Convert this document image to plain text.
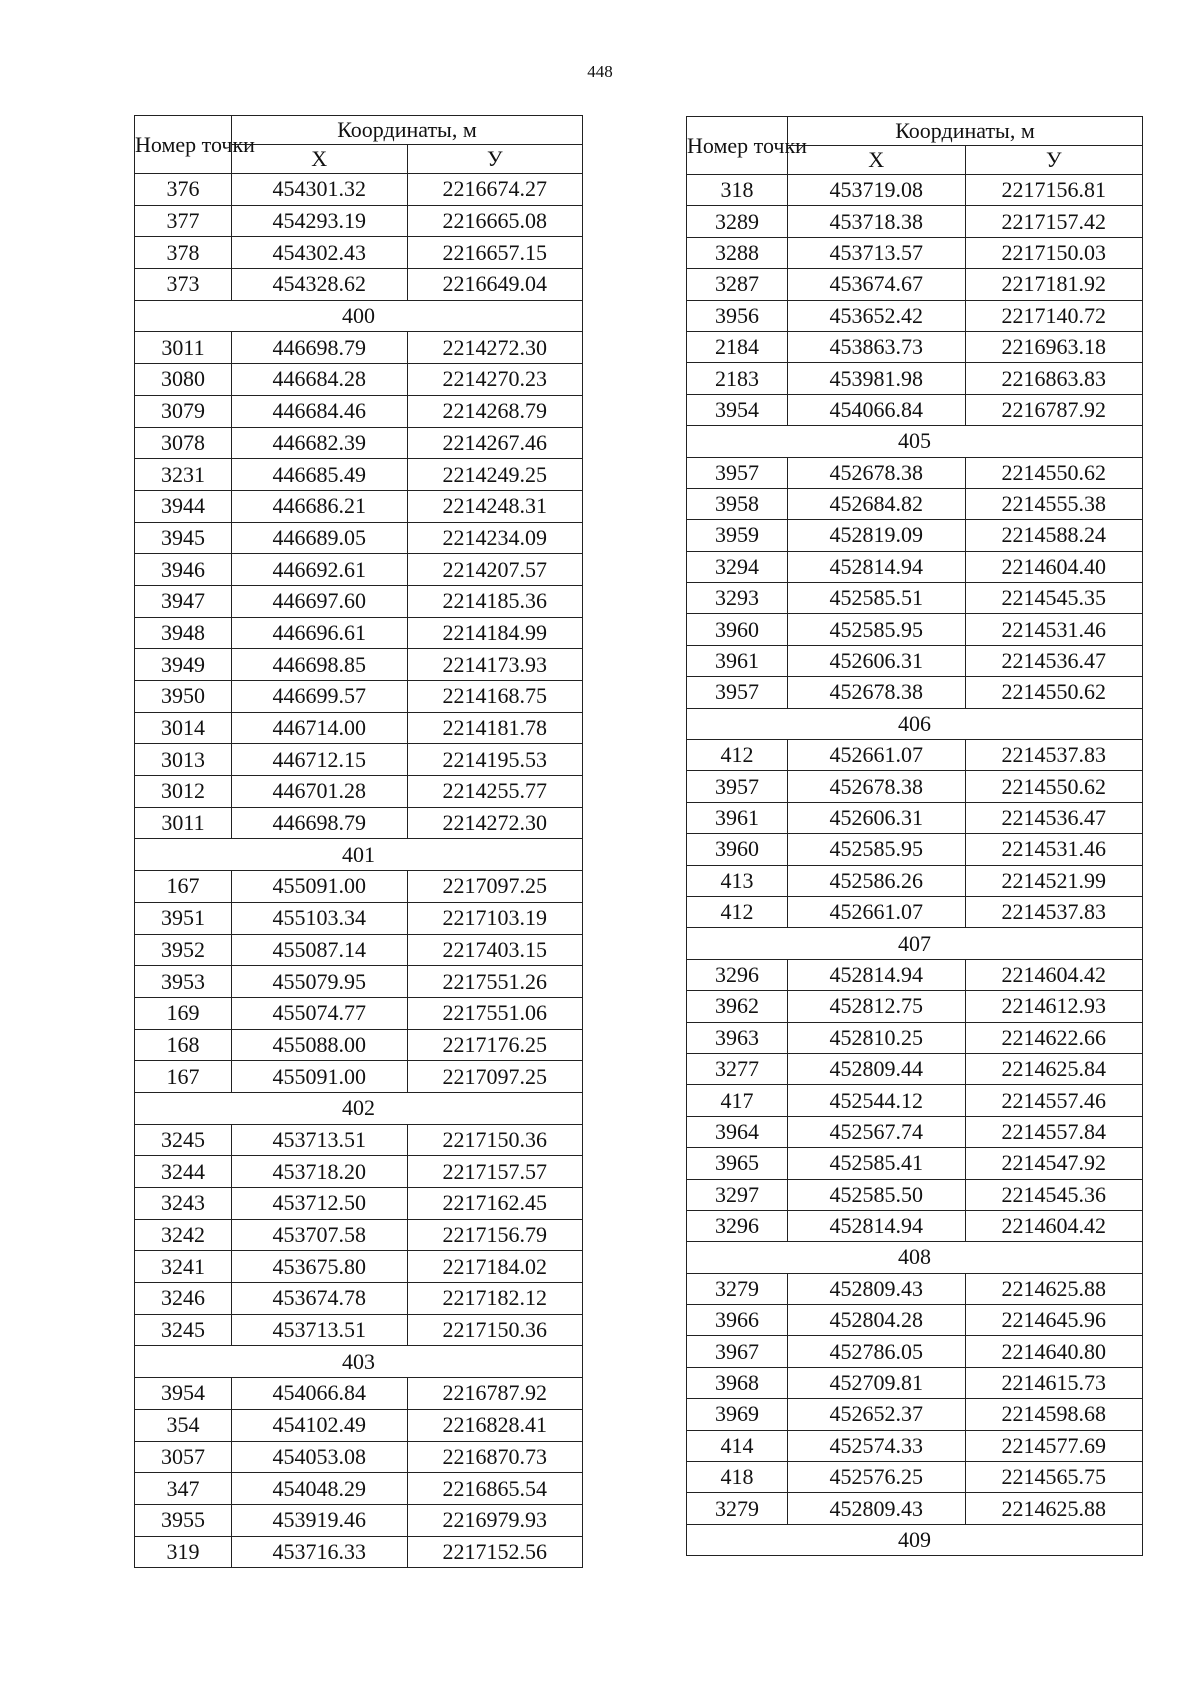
448
Номер точки	Координаты, м	
	Х	У
376	454301.32	2216674.27
377	454293.19	2216665.08
378	454302.43	2216657.15
373	454328.62	2216649.04
400		
3011	446698.79	2214272.30
3080	446684.28	2214270.23
3079	446684.46	2214268.79
3078	446682.39	2214267.46
3231	446685.49	2214249.25
3944	446686.21	2214248.31
3945	446689.05	2214234.09
3946	446692.61	2214207.57
3947	446697.60	2214185.36
3948	446696.61	2214184.99
3949	446698.85	2214173.93
3950	446699.57	2214168.75
3014	446714.00	2214181.78
3013	446712.15	2214195.53
3012	446701.28	2214255.77
3011	446698.79	2214272.30
401		
167	455091.00	2217097.25
3951	455103.34	2217103.19
3952	455087.14	2217403.15
3953	455079.95	2217551.26
169	455074.77	2217551.06
168	455088.00	2217176.25
167	455091.00	2217097.25
402		
3245	453713.51	2217150.36
3244	453718.20	2217157.57
3243	453712.50	2217162.45
3242	453707.58	2217156.79
3241	453675.80	2217184.02
3246	453674.78	2217182.12
3245	453713.51	2217150.36
403		
3954	454066.84	2216787.92
354	454102.49	2216828.41
3057	454053.08	2216870.73
347	454048.29	2216865.54
3955	453919.46	2216979.93
319	453716.33	2217152.56
Номер точки	Координаты, м	
	Х	У
318	453719.08	2217156.81
3289	453718.38	2217157.42
3288	453713.57	2217150.03
3287	453674.67	2217181.92
3956	453652.42	2217140.72
2184	453863.73	2216963.18
2183	453981.98	2216863.83
3954	454066.84	2216787.92
405		
3957	452678.38	2214550.62
3958	452684.82	2214555.38
3959	452819.09	2214588.24
3294	452814.94	2214604.40
3293	452585.51	2214545.35
3960	452585.95	2214531.46
3961	452606.31	2214536.47
3957	452678.38	2214550.62
406		
412	452661.07	2214537.83
3957	452678.38	2214550.62
3961	452606.31	2214536.47
3960	452585.95	2214531.46
413	452586.26	2214521.99
412	452661.07	2214537.83
407		
3296	452814.94	2214604.42
3962	452812.75	2214612.93
3963	452810.25	2214622.66
3277	452809.44	2214625.84
417	452544.12	2214557.46
3964	452567.74	2214557.84
3965	452585.41	2214547.92
3297	452585.50	2214545.36
3296	452814.94	2214604.42
408		
3279	452809.43	2214625.88
3966	452804.28	2214645.96
3967	452786.05	2214640.80
3968	452709.81	2214615.73
3969	452652.37	2214598.68
414	452574.33	2214577.69
418	452576.25	2214565.75
3279	452809.43	2214625.88
409		
